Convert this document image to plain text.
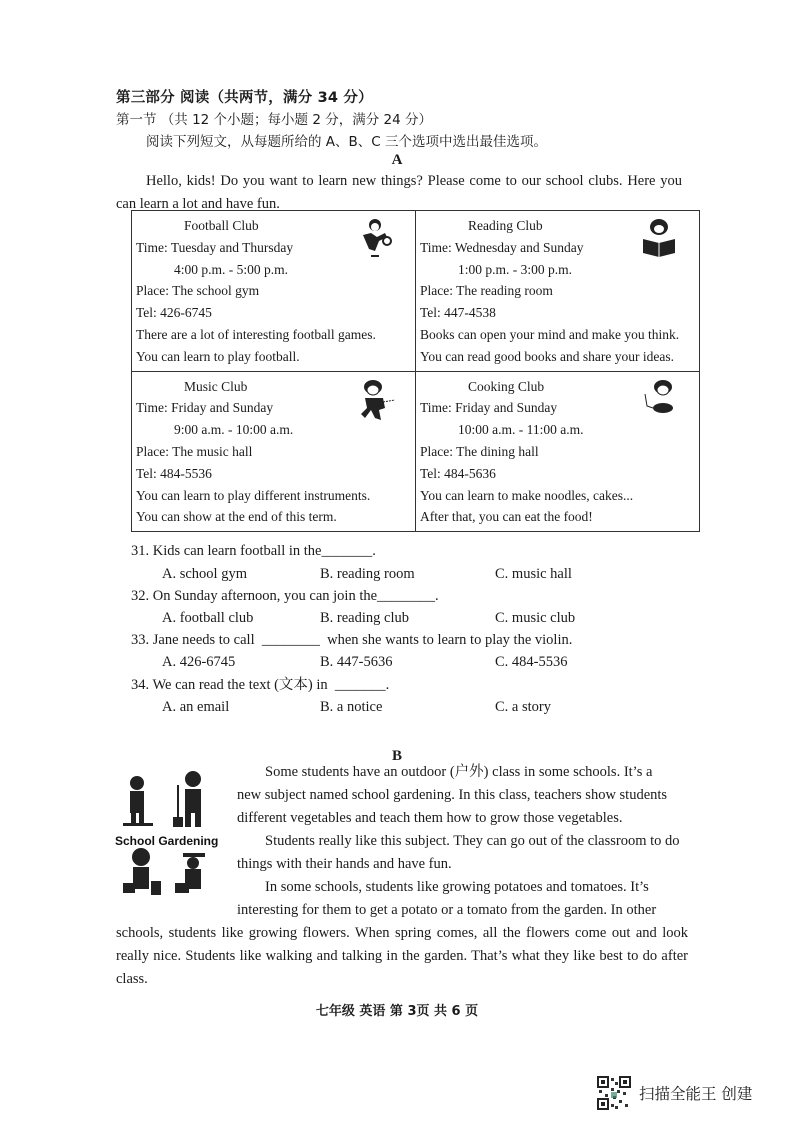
第三部分 阅读（共两节，满分 34 分）
第一节 （共 12 个小题；每小题 2 分，满分 24 分）
阅读下列短文，从每题所给的 A、B、C 三个选项中选出最佳选项。
A
Hello, kids! Do you want to learn new things? Please come to our school clubs. Here you can learn a lot and have fun.
Football Club
Time: Tuesday and Thursday
4:00 p.m. - 5:00 p.m.
Place: The school gym
Tel: 426-6745
There are a lot of interesting football games.
You can learn to play football.

Reading Club
Time: Wednesday and Sunday
1:00 p.m. - 3:00 p.m.
Place: The reading room
Tel: 447-4538
Books can open your mind and make you think.
You can read good books and share your ideas.

Music Club
Time: Friday and Sunday
9:00 a.m. - 10:00 a.m.
Place: The music hall
Tel: 484-5536
You can learn to play different instruments.
You can show at the end of this term.

Cooking Club
Time: Friday and Sunday
10:00 a.m. - 11:00 a.m.
Place: The dining hall
Tel: 484-5636
You can learn to make noodles, cakes...
After that, you can eat the food!
31. Kids can learn football in the_______.
A. school gym	B. reading room	C. music hall
32. On Sunday afternoon, you can join the________.
A. football club	B. reading club	C. music club
33. Jane needs to call  ________  when she wants to learn to play the violin.
A. 426-6745	B. 447-5636	C. 484-5536
34. We can read the text (文本) in  _______.
A. an email	B. a notice	C. a story
B
School Gardening
Some students have an outdoor (户外) class in some schools. It’s a
new subject named school gardening. In this class, teachers show students
different vegetables and teach them how to grow those vegetables.
Students really like this subject. They can go out of the classroom to do
things with their hands and have fun.
In some schools, students like growing potatoes and tomatoes. It’s
interesting for them to get a potato or a tomato from the garden. In other
schools, students like growing flowers. When spring comes, all the flowers come out and look really nice. Students like walking and talking in the garden. That’s what they like best to do after class.
七年级 英语 第 3页 共 6 页
扫描全能王 创建
